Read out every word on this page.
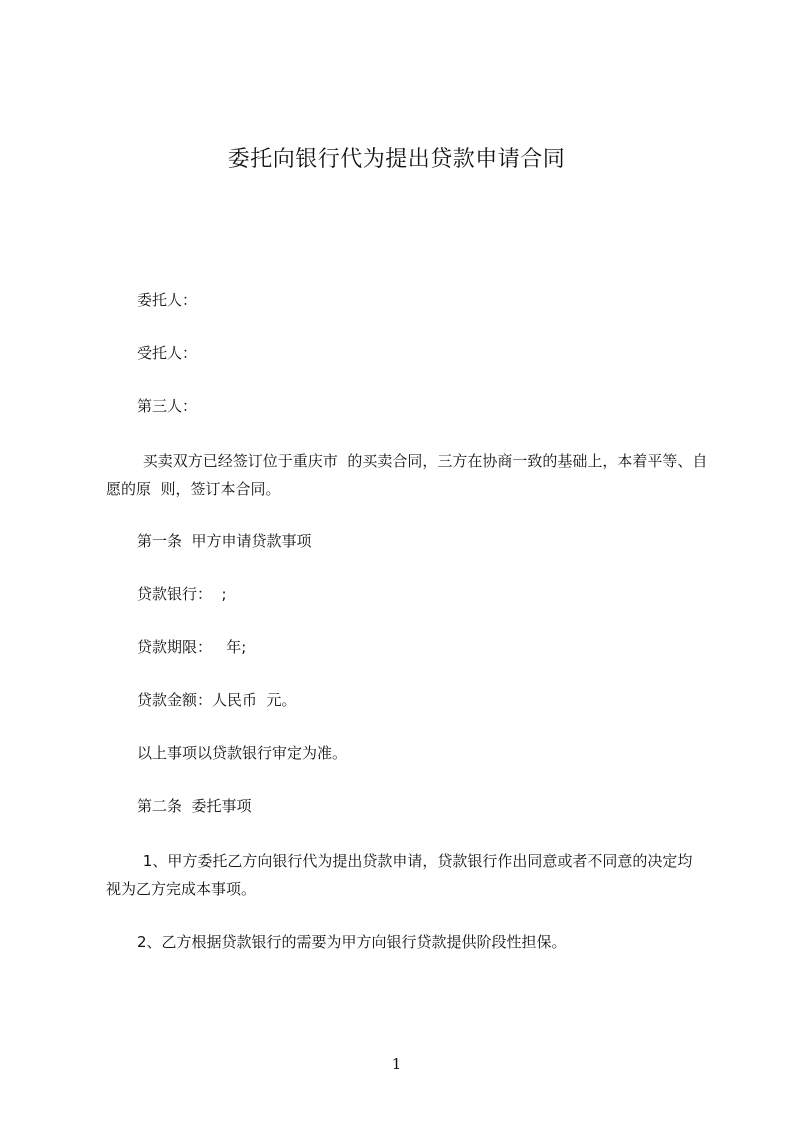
委托向银行代为提出贷款申请合同
委托人：
受托人：
第三人：
买卖双方已经签订位于重庆市  的买卖合同，三方在协商一致的基础上，本着平等、自愿的原  则，签订本合同。
第一条  甲方申请贷款事项
贷款银行：  ;
贷款期限：   年;
贷款金额：人民币  元。
以上事项以贷款银行审定为准。
第二条  委托事项
1、甲方委托乙方向银行代为提出贷款申请，贷款银行作出同意或者不同意的决定均  视为乙方完成本事项。
2、乙方根据贷款银行的需要为甲方向银行贷款提供阶段性担保。
1
